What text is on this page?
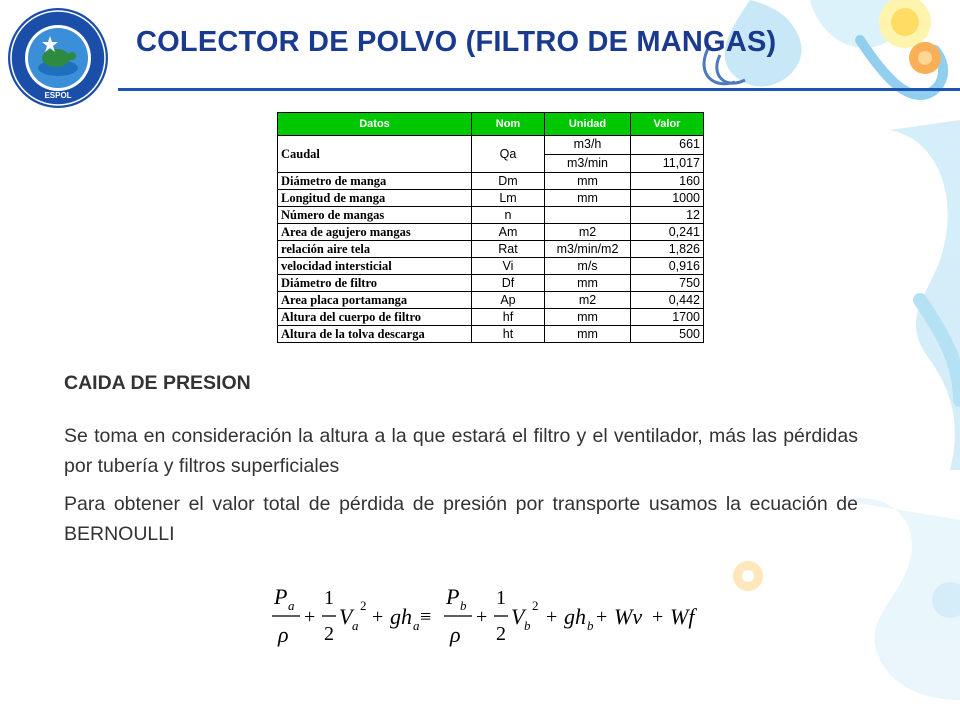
ESPOL
COLECTOR DE POLVO (FILTRO DE MANGAS)
Datos	Nom	Unidad	Valor
Caudal	Qa	m3/h	661
		m3/min	11,017
Diámetro de manga	Dm	mm	160
Longitud de manga	Lm	mm	1000
Número de mangas	n		12
Area de agujero mangas	Am	m2	0,241
relación aire tela	Rat	m3/min/m2	1,826
velocidad intersticial	Vi	m/s	0,916
Diámetro de filtro	Df	mm	750
Area placa portamanga	Ap	m2	0,442
Altura del cuerpo de filtro	hf	mm	1700
Altura de la tolva descarga	ht	mm	500
CAIDA DE PRESION
Se toma en consideración la altura a la que estará el filtro y el ventilador, más las pérdidas por tubería y filtros superficiales
Para obtener el valor total de pérdida de presión por transporte usamos la ecuación de BERNOULLI
P a
ρ
+
1
2
V a
2
+ g h a ≡
P b
ρ
+
1
2
V b
2
+ g h b + Wv + Wf
